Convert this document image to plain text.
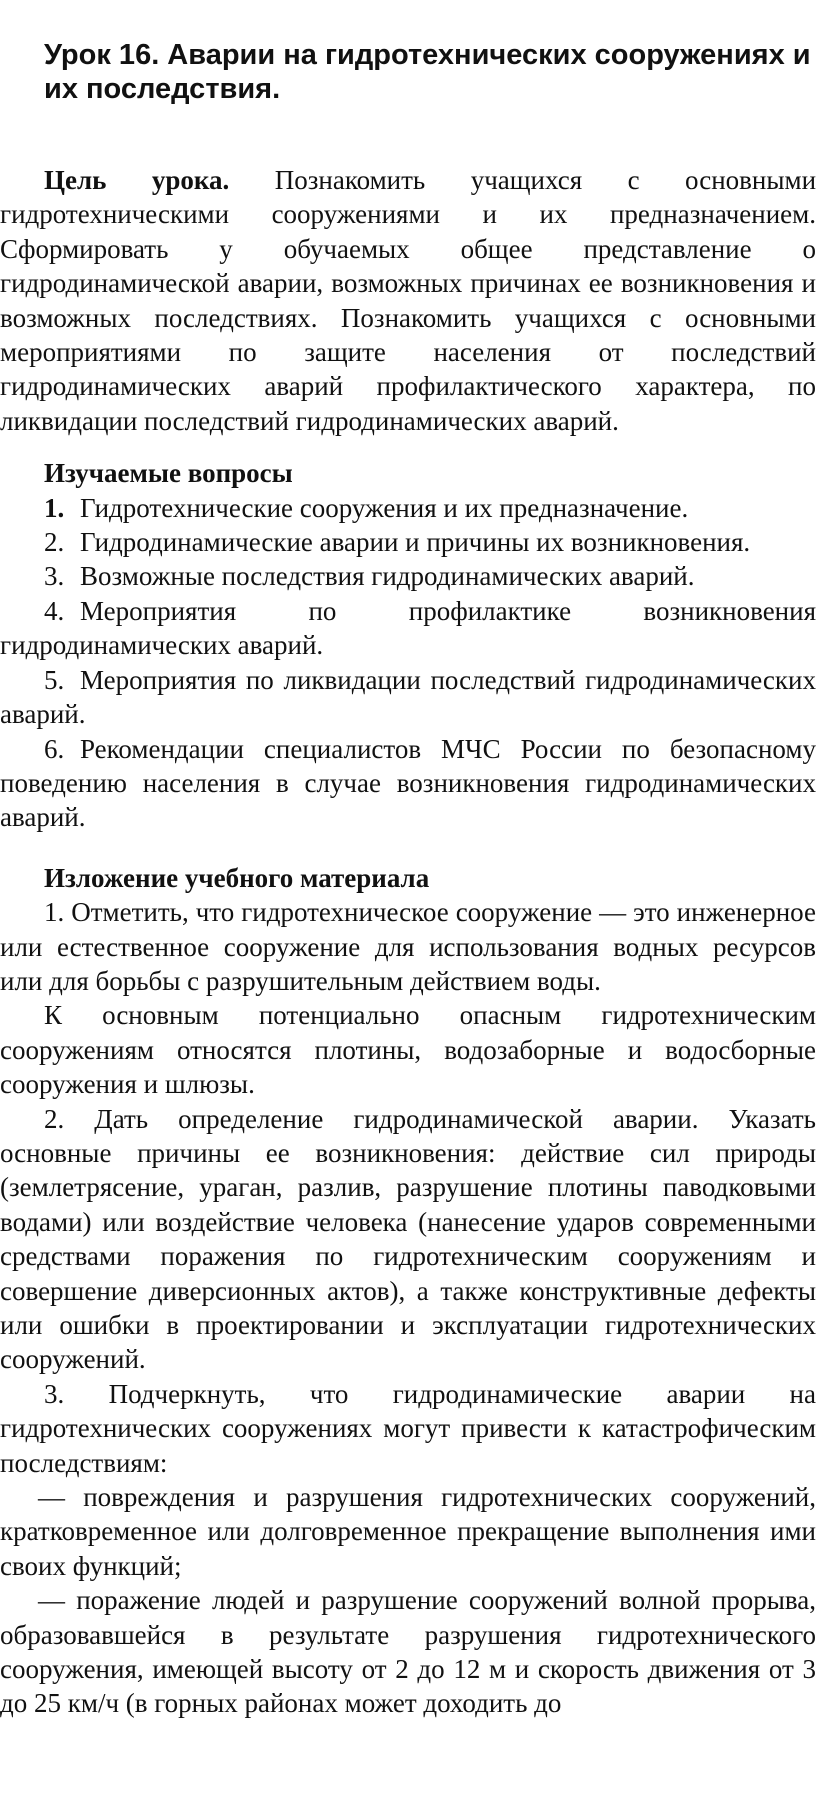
Урок 16. Аварии на гидротехнических сооружениях и их последствия.

Цель урока. Познакомить учащихся с основными гидротехническими сооружениями и их предназначением. Сформировать у обучаемых общее представление о гидродинамической аварии, возможных причинах ее возникновения и возможных последствиях. Познакомить учащихся с основными мероприятиями по защите населения от последствий гидродинамических аварий профилактического характера, по ликвидации последствий гидродинамических аварий.

Изучаемые вопросы

1. Гидротехнические сооружения и их предназначение.

2. Гидродинамические аварии и причины их возникновения.

3. Возможные последствия гидродинамических аварий.

4. Мероприятия по профилактике возникновения гидродинамических аварий.

5. Мероприятия по ликвидации последствий гидродинамических аварий.

6. Рекомендации специалистов МЧС России по безопасному поведению населения в случае возникновения гидродинамических аварий.

Изложение учебного материала

1. Отметить, что гидротехническое сооружение — это инженерное или естественное сооружение для использования водных ресурсов или для борьбы с разрушительным действием воды.

К основным потенциально опасным гидротехническим сооружениям относятся плотины, водозаборные и водосборные сооружения и шлюзы.

2. Дать определение гидродинамической аварии. Указать основные причины ее возникновения: действие сил природы (землетрясение, ураган, разлив, разрушение плотины паводковыми водами) или воздействие человека (нанесение ударов современными средствами поражения по гидротехническим сооружениям и совершение диверсионных актов), а также конструктивные дефекты или ошибки в проектировании и эксплуатации гидротехнических сооружений.

3. Подчеркнуть, что гидродинамические аварии на гидротехнических сооружениях могут привести к катастрофическим последствиям:

— повреждения и разрушения гидротехнических сооружений, кратковременное или долговременное прекращение выполнения ими своих функций;

— поражение людей и разрушение сооружений волной прорыва, образовавшейся в результате разрушения гидротехнического сооружения, имеющей высоту от 2 до 12 м и скорость движения от 3 до 25 км/ч (в горных районах может доходить до
